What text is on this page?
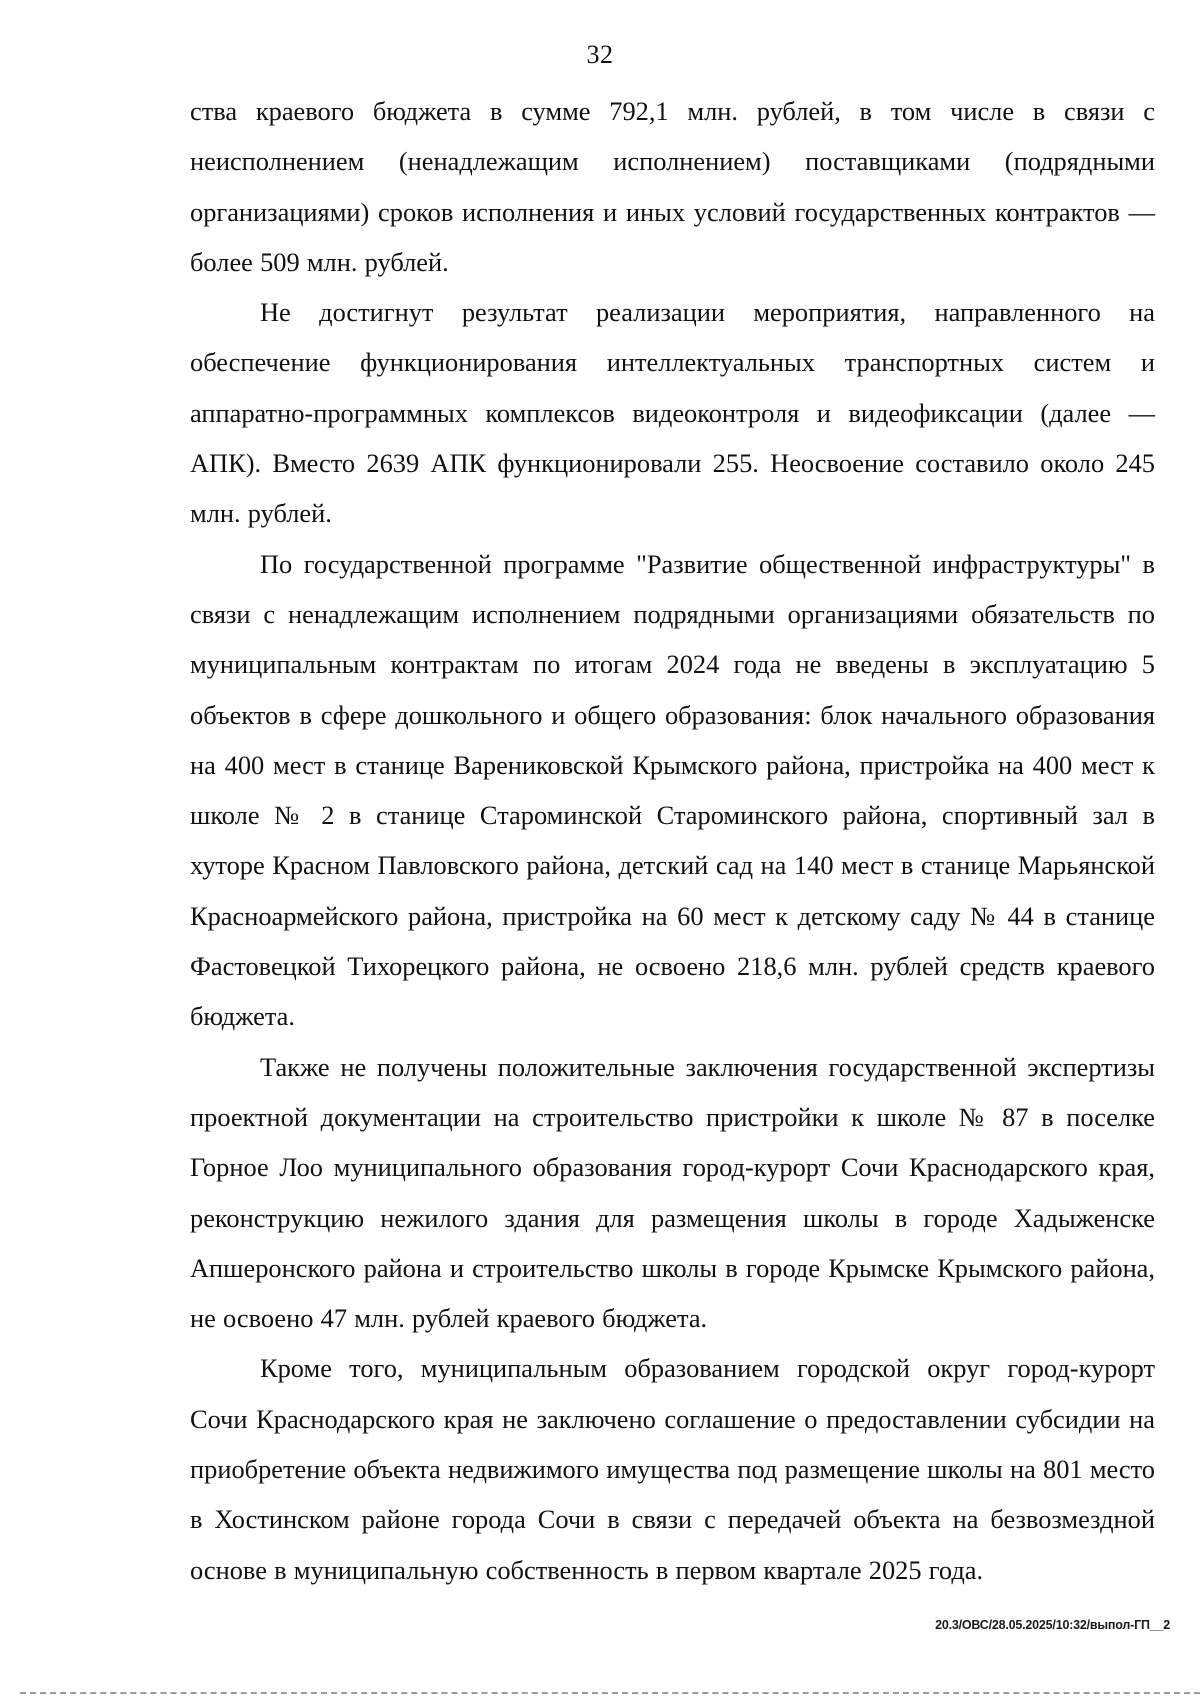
32

ства краевого бюджета в сумме 792,1 млн. рублей, в том числе в связи с неисполнением (ненадлежащим исполнением) поставщиками (подрядными организациями) сроков исполнения и иных условий государственных контрактов — более 509 млн. рублей.

Не достигнут результат реализации мероприятия, направленного на обеспечение функционирования интеллектуальных транспортных систем и аппаратно-программных комплексов видеоконтроля и видеофиксации (далее — АПК). Вместо 2639 АПК функционировали 255. Неосвоение составило около 245 млн. рублей.

По государственной программе "Развитие общественной инфраструктуры" в связи с ненадлежащим исполнением подрядными организациями обязательств по муниципальным контрактам по итогам 2024 года не введены в эксплуатацию 5 объектов в сфере дошкольного и общего образования: блок начального образования на 400 мест в станице Варениковской Крымского района, пристройка на 400 мест к школе № 2 в станице Староминской Староминского района, спортивный зал в хуторе Красном Павловского района, детский сад на 140 мест в станице Марьянской Красноармейского района, пристройка на 60 мест к детскому саду № 44 в станице Фастовецкой Тихорецкого района, не освоено 218,6 млн. рублей средств краевого бюджета.

Также не получены положительные заключения государственной экспертизы проектной документации на строительство пристройки к школе № 87 в поселке Горное Лоо муниципального образования город-курорт Сочи Краснодарского края, реконструкцию нежилого здания для размещения школы в городе Хадыженске Апшеронского района и строительство школы в городе Крымске Крымского района, не освоено 47 млн. рублей краевого бюджета.

Кроме того, муниципальным образованием городской округ город-курорт Сочи Краснодарского края не заключено соглашение о предоставлении субсидии на приобретение объекта недвижимого имущества под размещение школы на 801 место в Хостинском районе города Сочи в связи с передачей объекта на безвозмездной основе в муниципальную собственность в первом квартале 2025 года.

20.3/ОВС/28.05.2025/10:32/выпол-ГП__2
